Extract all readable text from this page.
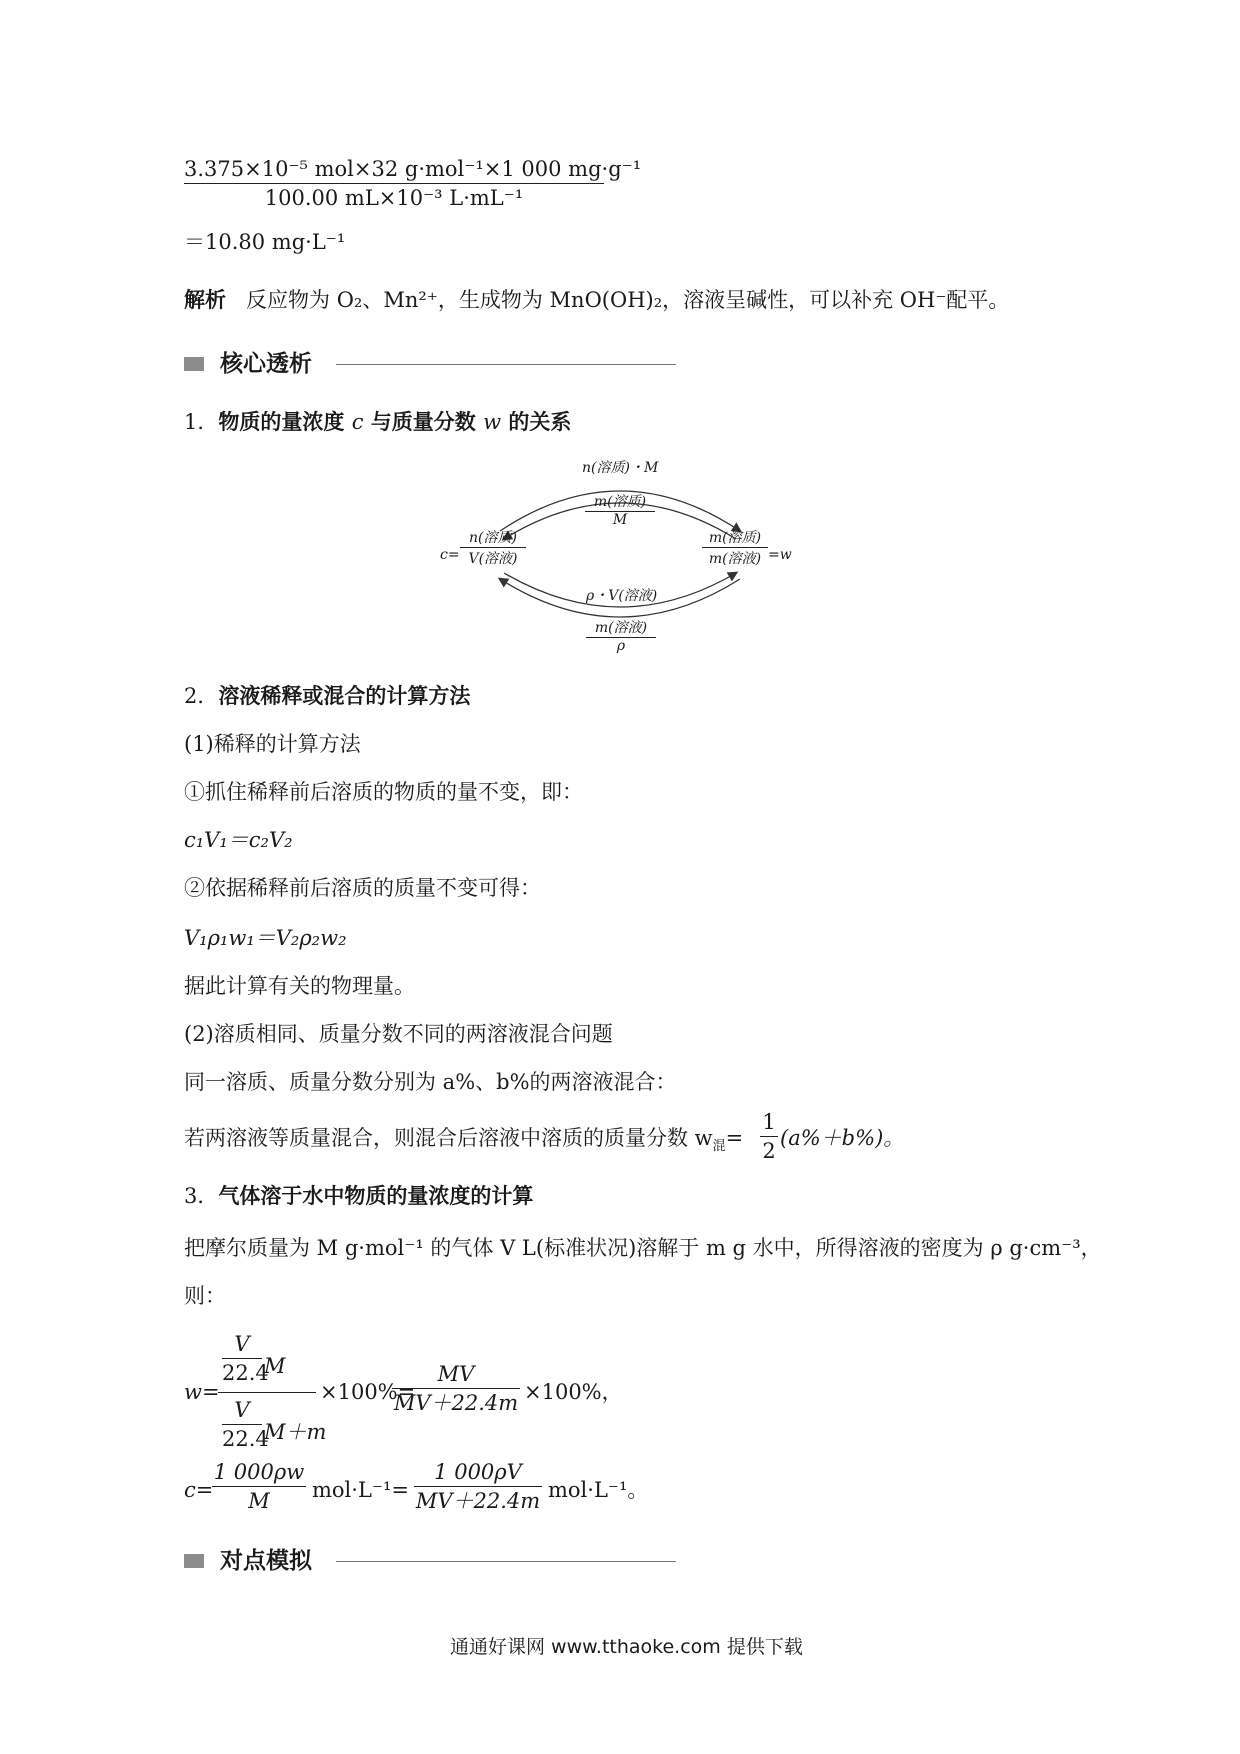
3.375×10⁻⁵ mol×32 g·mol⁻¹×1 000 mg·g⁻¹
100.00 mL×10⁻³ L·mL⁻¹
＝10.80 mg·L⁻¹
解析 反应物为 O₂、Mn²⁺，生成物为 MnO(OH)₂，溶液呈碱性，可以补充 OH⁻配平。
核心透析
1．物质的量浓度 c 与质量分数 w 的关系
n(溶质)・M
m(溶质)
M
c=
n(溶质)
V(溶液)
m(溶质)
m(溶液) =w
ρ・V(溶液)
m(溶液)
ρ
2．溶液稀释或混合的计算方法
(1)稀释的计算方法
①抓住稀释前后溶质的物质的量不变，即：
c₁V₁＝c₂V₂
②依据稀释前后溶质的质量不变可得：
V₁ρ₁w₁＝V₂ρ₂w₂
据此计算有关的物理量。
(2)溶质相同、质量分数不同的两溶液混合问题
同一溶质、质量分数分别为 a%、b%的两溶液混合：
若两溶液等质量混合，则混合后溶液中溶质的质量分数 $w_混=$
1
2
(a%＋b%)。
3．气体溶于水中物质的量浓度的计算
把摩尔质量为 M g·mol⁻¹ 的气体 V L(标准状况)溶解于 m g 水中，所得溶液的密度为 ρ g·cm⁻³，
则：
w=
V
22.4
M
V
22.4
M＋m
×100%=
MV
MV＋22.4m ×100%，
c=
1 000ρw
M	mol·L⁻¹=
1 000ρV
MV＋22.4m mol·L⁻¹。
对点模拟
通通好课网 www.tthaoke.com 提供下载
